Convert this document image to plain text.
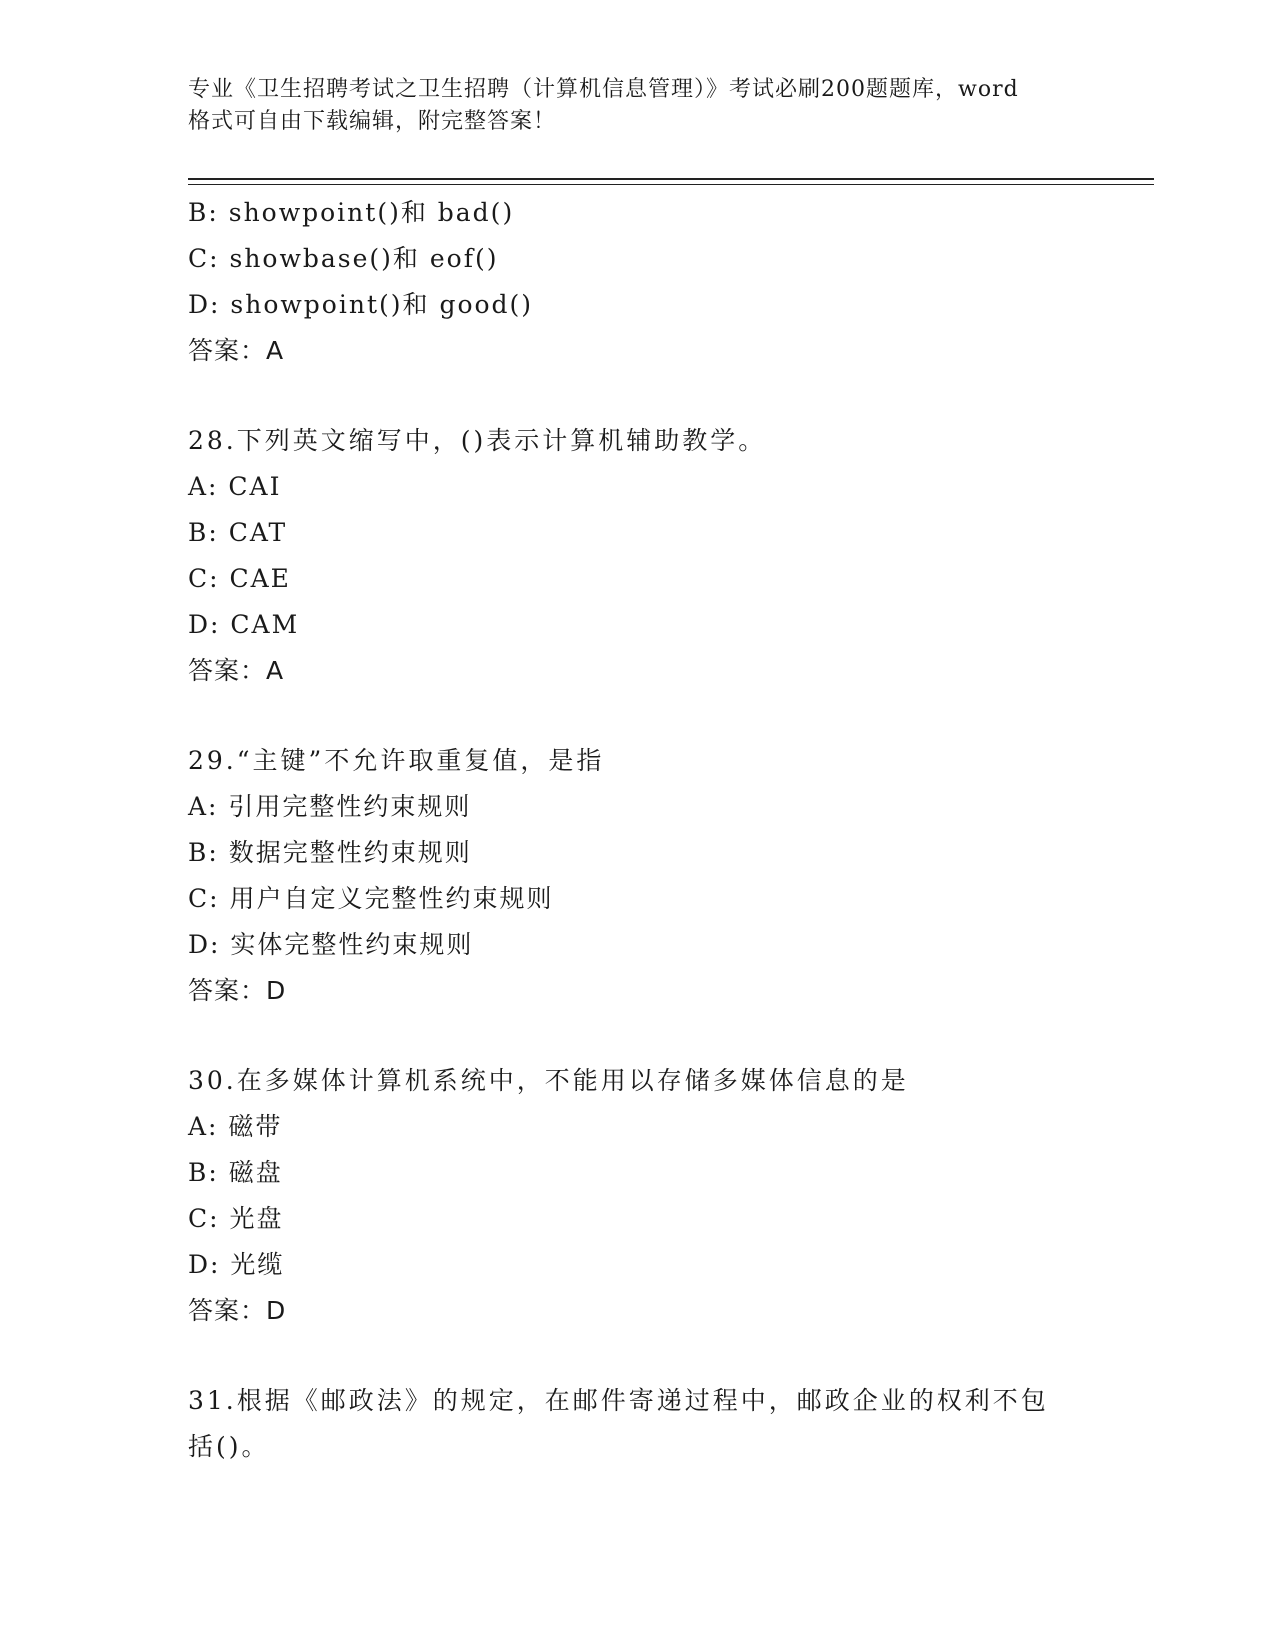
专业《卫生招聘考试之卫生招聘（计算机信息管理）》考试必刷200题题库，word
格式可自由下载编辑，附完整答案！
B: showpoint()和 bad()
C: showbase()和 eof()
D: showpoint()和 good()
答案：A
28.下列英文缩写中，()表示计算机辅助教学。
A: CAI
B: CAT
C: CAE
D: CAM
答案：A
29.“主键”不允许取重复值，是指
A: 引用完整性约束规则
B: 数据完整性约束规则
C: 用户自定义完整性约束规则
D: 实体完整性约束规则
答案：D
30.在多媒体计算机系统中，不能用以存储多媒体信息的是
A: 磁带
B: 磁盘
C: 光盘
D: 光缆
答案：D
31.根据《邮政法》的规定，在邮件寄递过程中，邮政企业的权利不包
括()。
